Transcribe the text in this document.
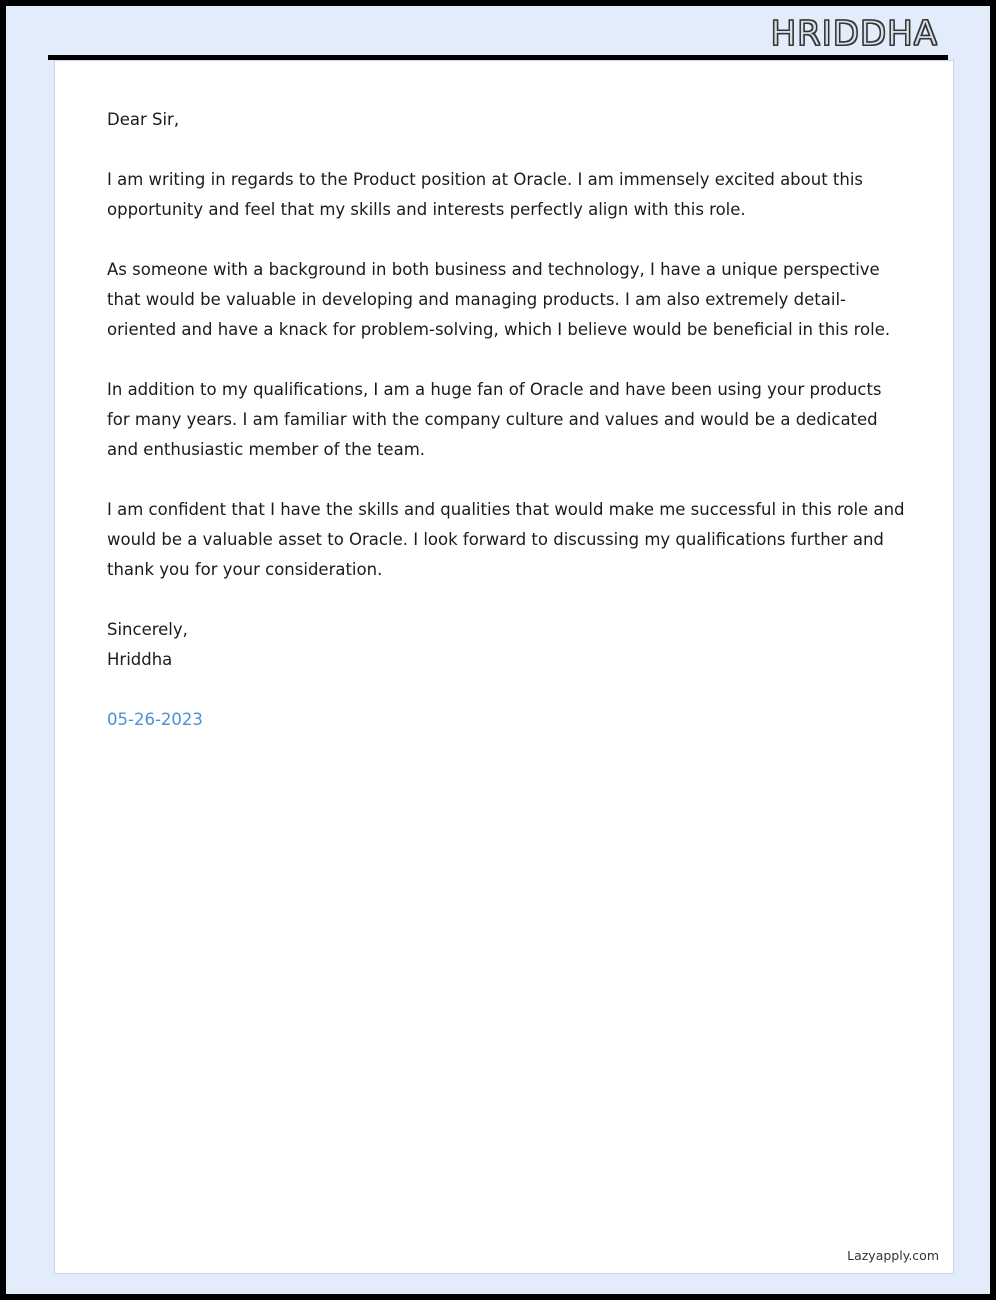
HRIDDHA

Dear Sir,

I am writing in regards to the Product position at Oracle. I am immensely excited about this opportunity and feel that my skills and interests perfectly align with this role.

As someone with a background in both business and technology, I have a unique perspective that would be valuable in developing and managing products. I am also extremely detail-oriented and have a knack for problem-solving, which I believe would be beneficial in this role.

In addition to my qualifications, I am a huge fan of Oracle and have been using your products for many years. I am familiar with the company culture and values and would be a dedicated and enthusiastic member of the team.

I am confident that I have the skills and qualities that would make me successful in this role and would be a valuable asset to Oracle. I look forward to discussing my qualifications further and thank you for your consideration.

Sincerely,
Hriddha

05-26-2023

Lazyapply.com
